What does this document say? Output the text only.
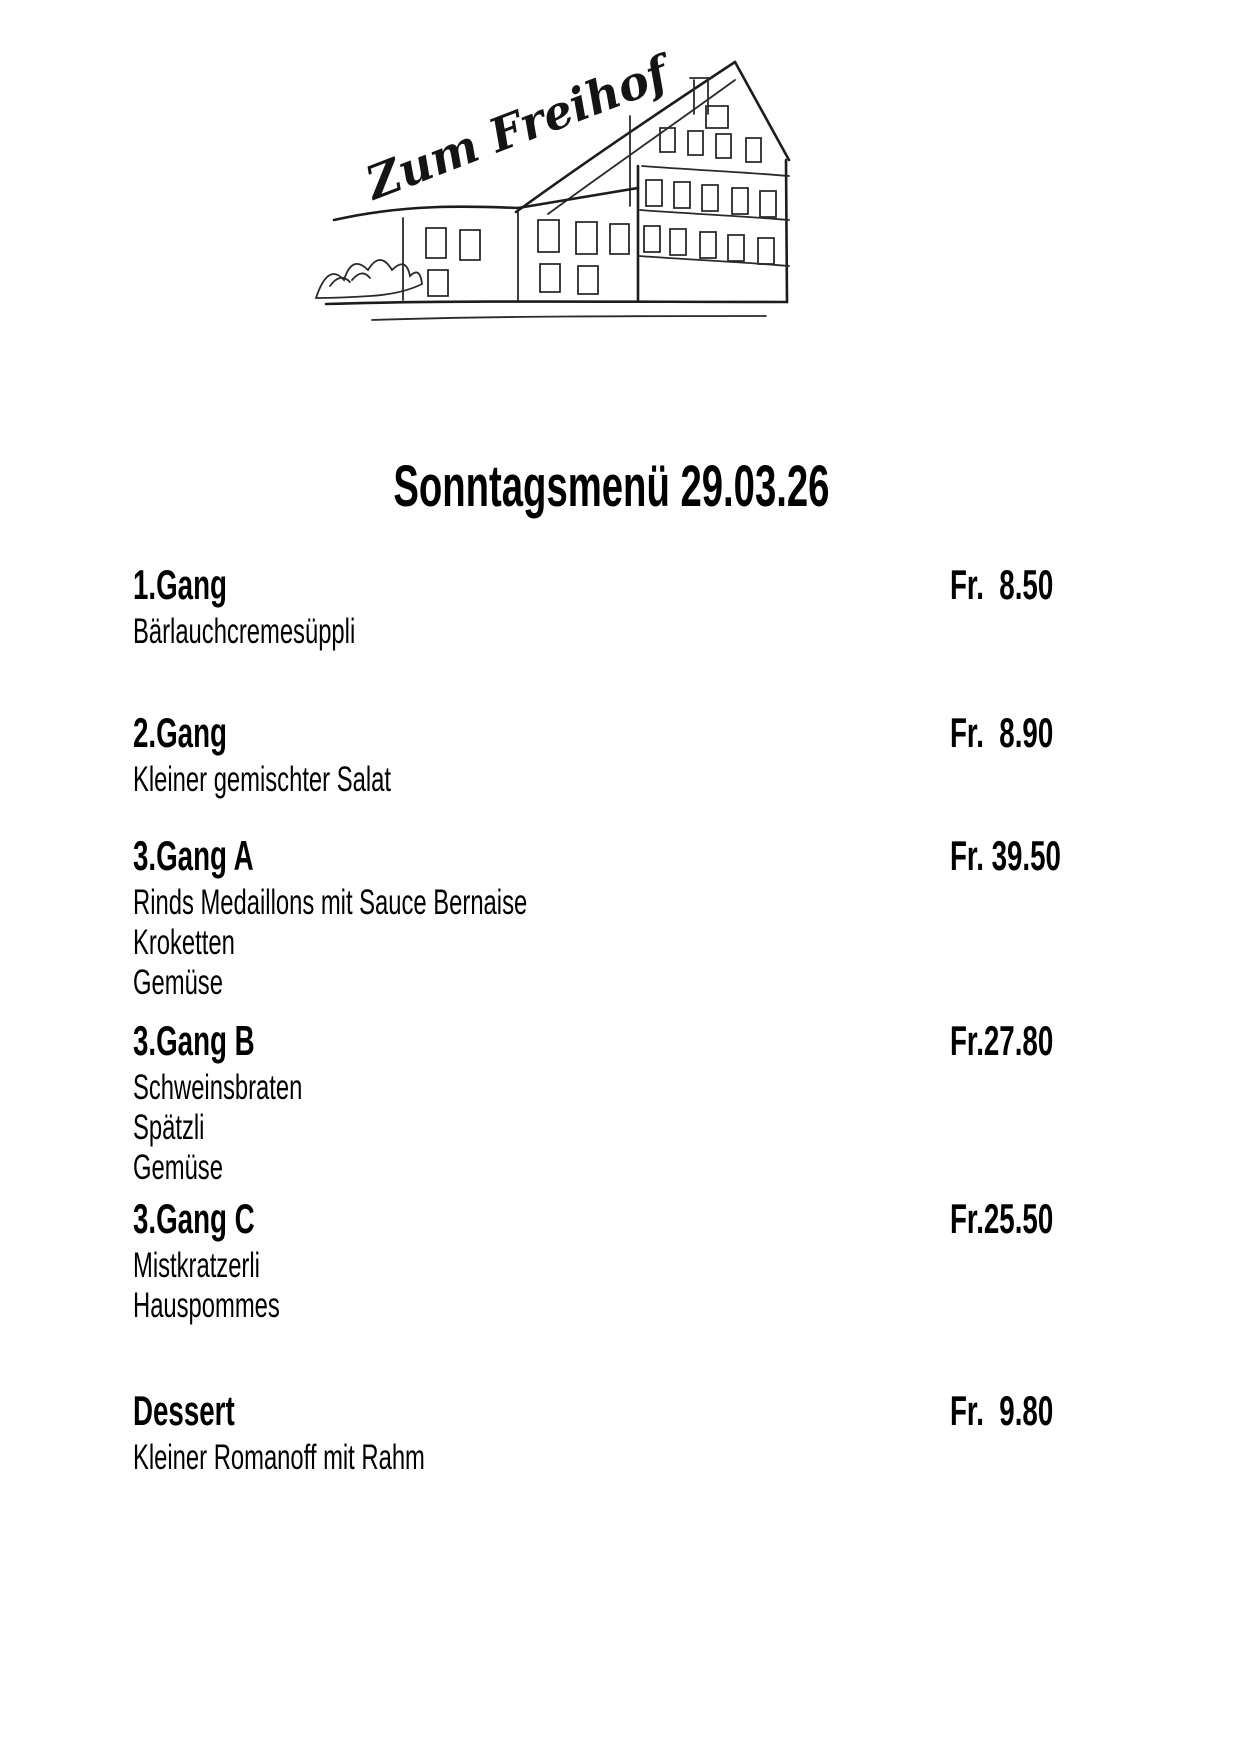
Zum Freihof

Sonntagsmenü 29.03.26

1.Gang	Fr.  8.50
Bärlauchcremesüppli
2.Gang	Fr.  8.90
Kleiner gemischter Salat
3.Gang A	Fr. 39.50
Rinds Medaillons mit Sauce Bernaise
Kroketten
Gemüse
3.Gang B	Fr.27.80
Schweinsbraten
Spätzli
Gemüse
3.Gang C	Fr.25.50
Mistkratzerli
Hauspommes
Dessert	Fr.  9.80
Kleiner Romanoff mit Rahm
